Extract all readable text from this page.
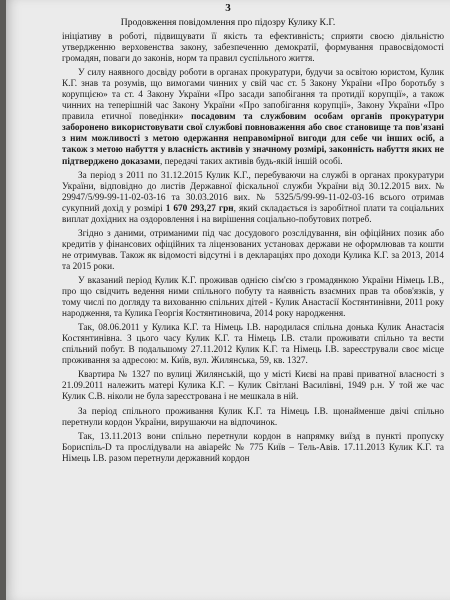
3
Продовження повідомлення про підозру Кулику К.Г.

ініціативу в роботі, підвищувати її якість та ефективність; сприяти своєю діяльністю утвердженню верховенства закону, забезпеченню демократії, формування правосвідомості громадян, поваги до законів, норм та правил суспільного життя.

У силу наявного досвіду роботи в органах прокуратури, будучи за освітою юристом, Кулик К.Г. знав та розумів, що вимогами чинних у свій час ст. 5 Закону України «Про боротьбу з корупцією» та ст. 4 Закону України «Про засади запобігання та протидії корупції», а також чинних на теперішній час Закону України «Про запобігання корупції», Закону України «Про правила етичної поведінки» посадовим та службовим особам органів прокуратури заборонено використовувати свої службові повноваження або своє становище та пов'язані з ним можливості з метою одержання неправомірної вигоди для себе чи інших осіб, а також з метою набуття у власність активів у значному розмірі, законність набуття яких не підтверджено доказами, передачі таких активів будь-якій іншій особі.

За період з 2011 по 31.12.2015 Кулик К.Г., перебуваючи на службі в органах прокуратури України, відповідно до листів Державної фіскальної служби України від 30.12.2015 вих. № 29947/5/99-99-11-02-03-16 та 30.03.2016 вих. № 5325/5/99-99-11-02-03-16 всього отримав сукупний дохід у розмірі 1 670 293,27 грн, який складається із заробітної плати та соціальних виплат дохідних на оздоровлення і на вирішення соціально-побутових потреб.

Згідно з даними, отриманими під час досудового розслідування, він офіційних позик або кредитів у фінансових офіційних та ліцензованих установах держави не оформлював та кошти не отримував. Також як відомості відсутні і в деклараціях про доходи Кулика К.Г. за 2013, 2014 та 2015 роки.

У вказаний період Кулик К.Г. проживав однією сім'єю з громадянкою України Німець І.В., про що свідчить ведення ними спільного побуту та наявність взаємних прав та обов'язків, у тому числі по догляду та вихованню спільних дітей - Кулик Анастасії Костянтинівни, 2011 року народження, та Кулика Георгія Костянтиновича, 2014 року народження.

Так, 08.06.2011 у Кулика К.Г. та Німець І.В. народилася спільна донька Кулик Анастасія Костянтинівна. З цього часу Кулик К.Г. та Німець І.В. стали проживати спільно та вести спільний побут. В подальшому 27.11.2012 Кулик К.Г. та Німець І.В. зареєстрували своє місце проживання за адресою: м. Київ, вул. Жилянська, 59, кв. 1327.

Квартира № 1327 по вулиці Жилянській, що у місті Києві на праві приватної власності з 21.09.2011 належить матері Кулика К.Г. – Кулик Світлані Василівні, 1949 р.н. У той же час Кулик С.В. ніколи не була зареєстрована і не мешкала в ній.

За період спільного проживання Кулик К.Г. та Німець І.В. щонайменше двічі спільно перетнули кордон України, вирушаючи на відпочинок.

Так, 13.11.2013 вони спільно перетнули кордон в напрямку виїзд в пункті пропуску Бориспіль-D та прослідували на авіарейс № 775 Київ – Тель-Авів. 17.11.2013 Кулик К.Г. та Німець І.В. разом перетнули державний кордон
